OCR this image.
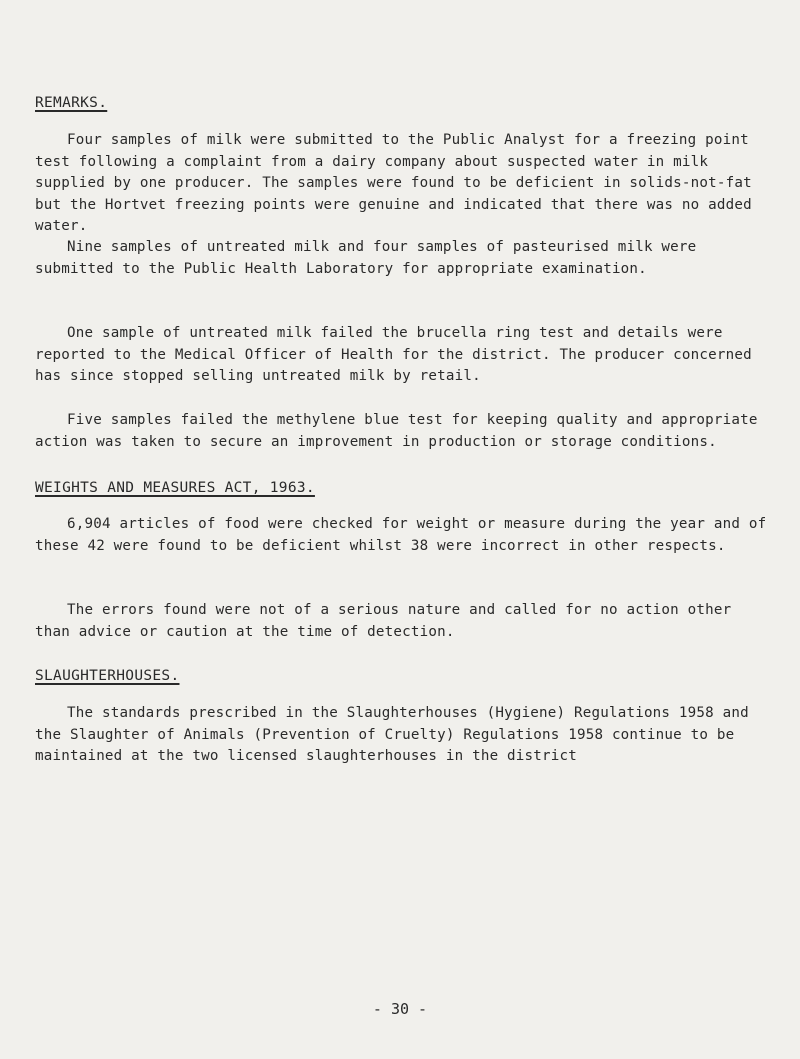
REMARKS.

Four samples of milk were submitted to the Public Analyst for a freezing point test following a complaint from a dairy company about suspected water in milk supplied by one producer. The samples were found to be deficient in solids-not-fat but the Hortvet freezing points were genuine and indicated that there was no added water.

Nine samples of untreated milk and four samples of pasteurised milk were submitted to the Public Health Laboratory for appropriate examination.

One sample of untreated milk failed the brucella ring test and details were reported to the Medical Officer of Health for the district. The producer concerned has since stopped selling untreated milk by retail.

Five samples failed the methylene blue test for keeping quality and appropriate action was taken to secure an improvement in production or storage conditions.

WEIGHTS AND MEASURES ACT, 1963.

6,904 articles of food were checked for weight or measure during the year and of these 42 were found to be deficient whilst 38 were incorrect in other respects.

The errors found were not of a serious nature and called for no action other than advice or caution at the time of detection.

SLAUGHTERHOUSES.

The standards prescribed in the Slaughterhouses (Hygiene) Regulations 1958 and the Slaughter of Animals (Prevention of Cruelty) Regulations 1958 continue to be maintained at the two licensed slaughterhouses in the district

- 30 -
